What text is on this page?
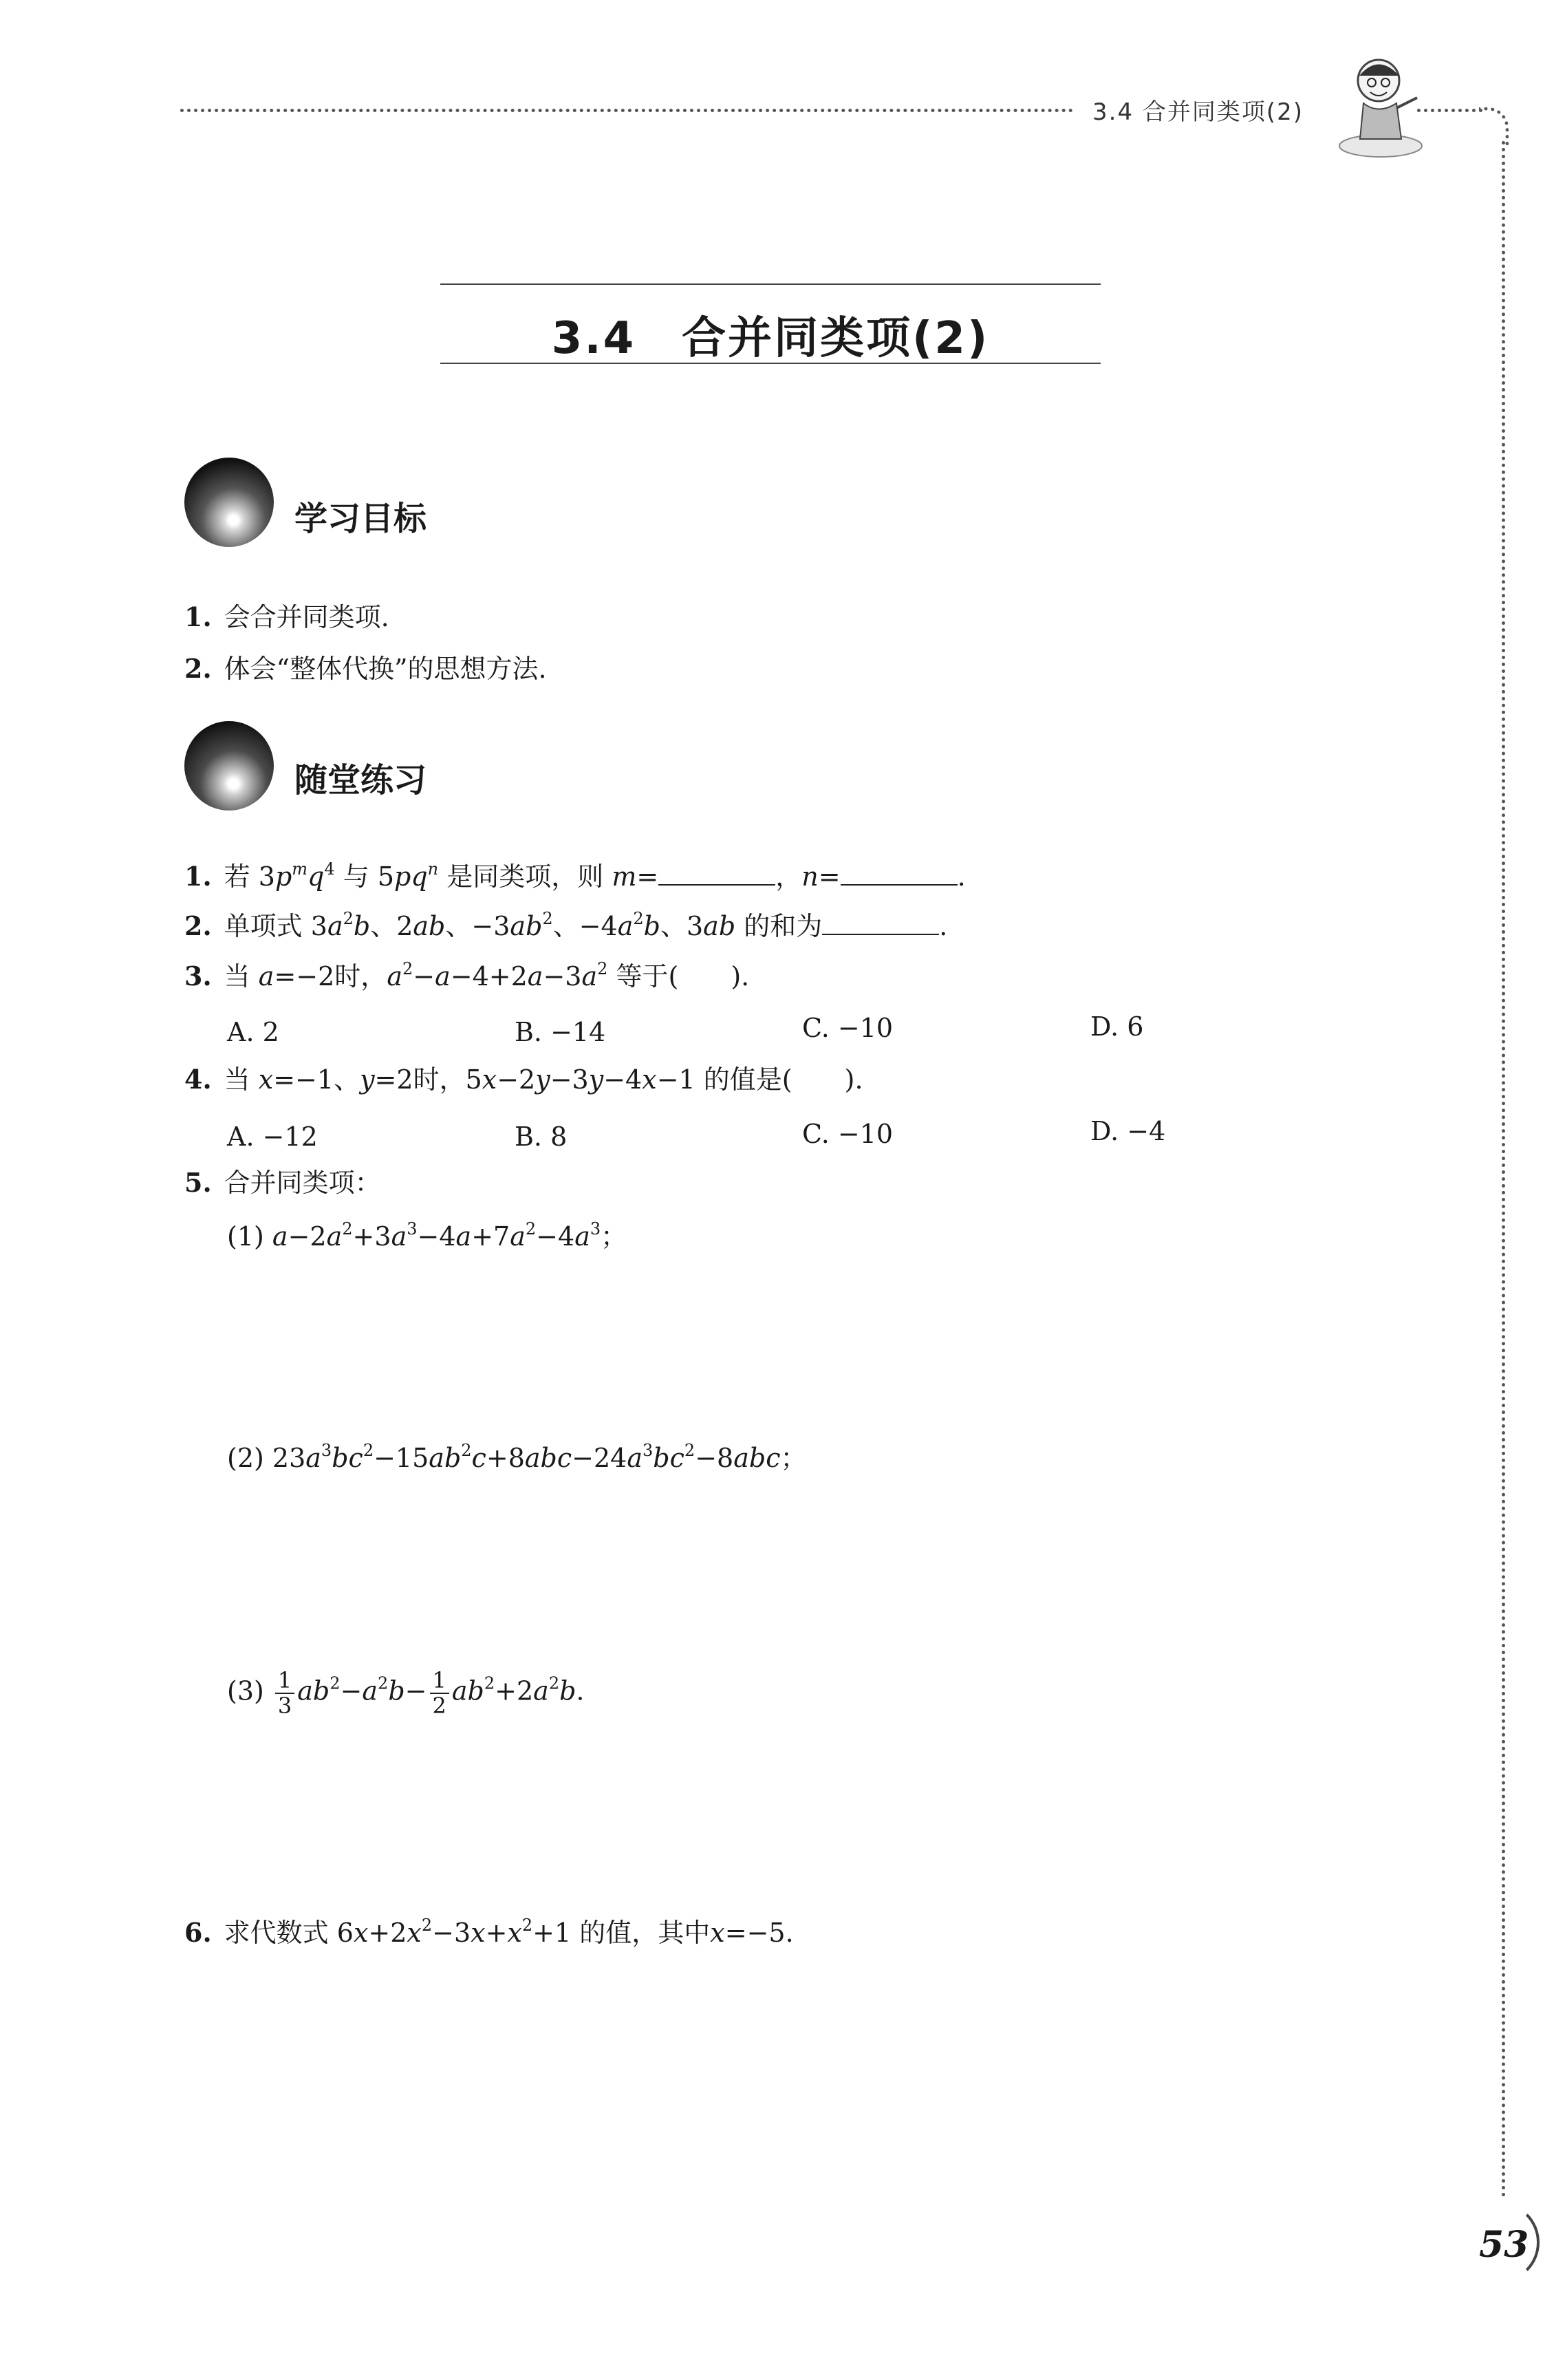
3.4 合并同类项(2)
3.4　合并同类项(2)
学习目标
1. 会合并同类项.
2. 体会“整体代换”的思想方法.
随堂练习
1. 若 $3p^mq^4$ 与 $5pq^n$ 是同类项，则 m=	，n=	.
2. 单项式 $3a^2b$、2ab、$-3ab^2$、$-4a^2b$、3ab 的和为	.
3. 当 a=−2时，$a^2-a-4+2a-3a^2$ 等于(　　).
A. 2	B. −14	C. −10	D. 6
4. 当 x=−1、y=2时，5x−2y−3y−4x−1 的值是(　　).
A. −12	B. 8	C. −10	D. −4
5. 合并同类项：
(1) $a-2a^2+3a^3-4a+7a^2-4a^3$；
(2) $23a^3bc^2-15ab^2c+8abc-24a^3bc^2-8abc$；
$(3) \frac{1}{3} ab^2-a^2b- \frac{1}{2} ab^2+2a^2b$.
6. 求代数式 $6x+2x^2-3x+x^2+1$ 的值，其中x=−5.
53
